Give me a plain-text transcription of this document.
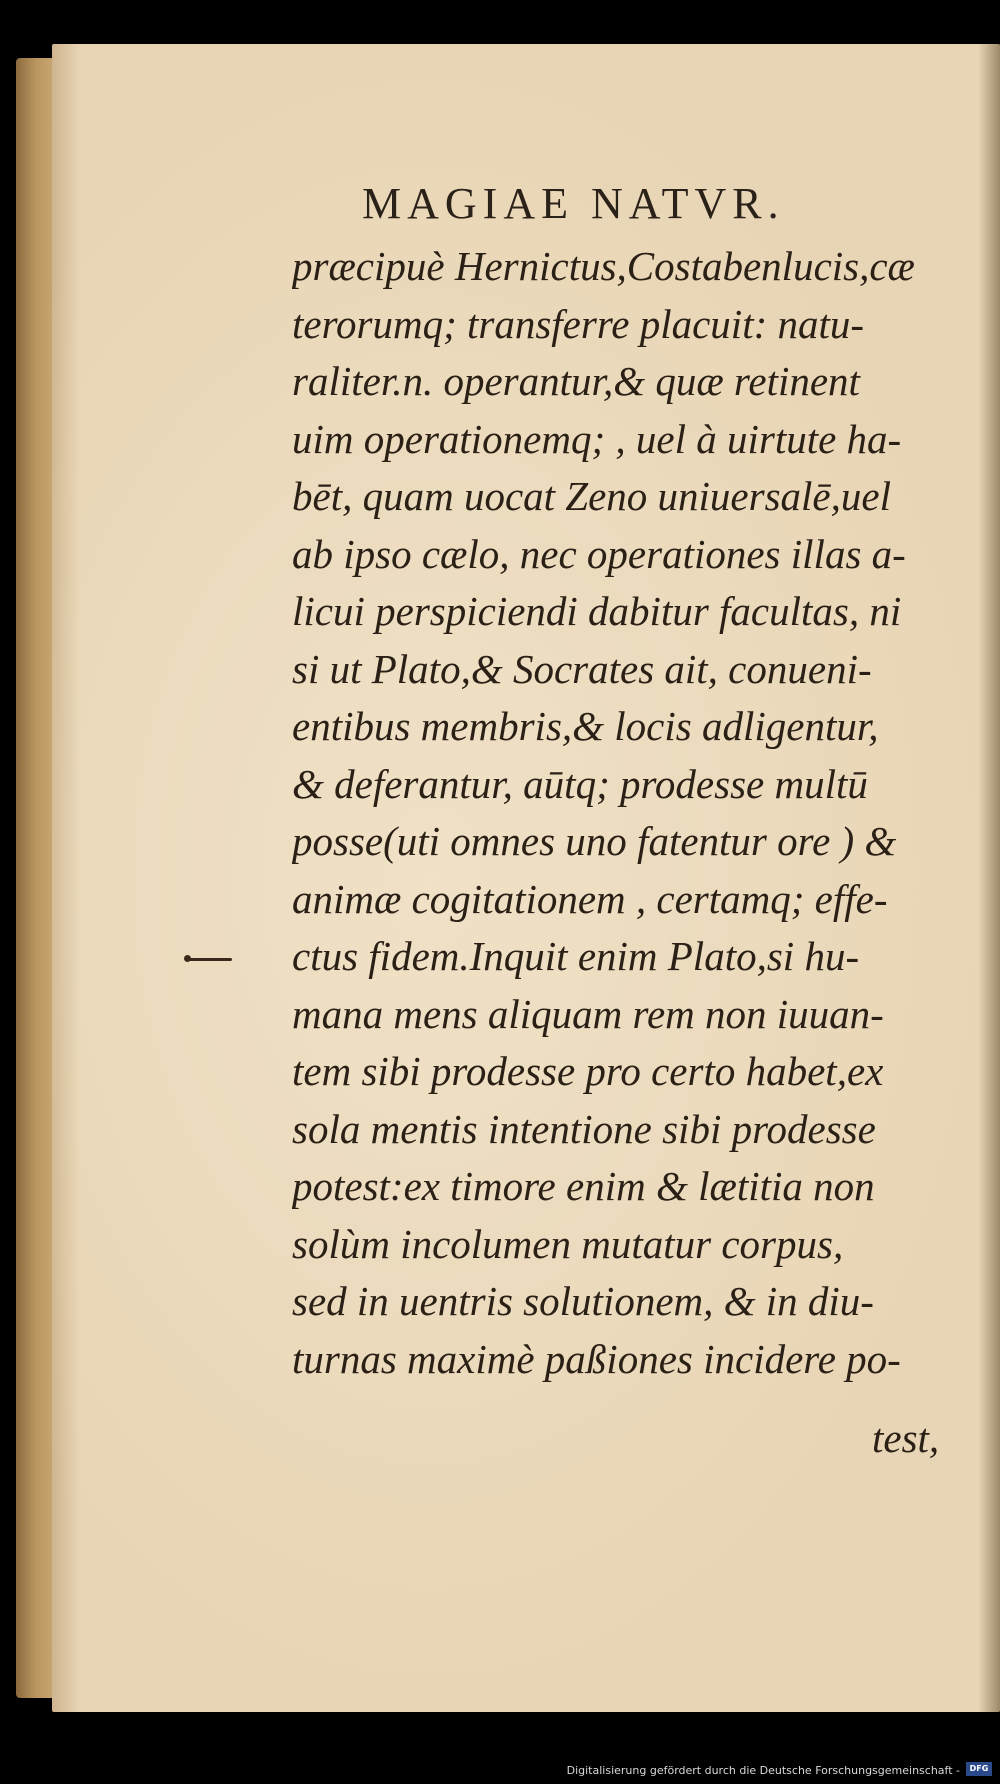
MAGIAE NATVR.
præcipuè Hernictus,Costabenlucis,cæ
terorumq; transferre placuit: natu-
raliter.n. operantur,& quæ retinent
uim operationemq; , uel à uirtute ha-
bēt, quam uocat Zeno uniuersalē,uel
ab ipso cælo, nec operationes illas a-
licui perspiciendi dabitur facultas, ni
si ut Plato,& Socrates ait, conueni-
entibus membris,& locis adligentur,
& deferantur, aūtq; prodesse multū
posse(uti omnes uno fatentur ore ) &
animæ cogitationem , certamq; effe-
ctus fidem.Inquit enim Plato,si hu-
mana mens aliquam rem non iuuan-
tem sibi prodesse pro certo habet,ex
sola mentis intentione sibi prodesse
potest:ex timore enim & lætitia non
solùm incolumen mutatur corpus,
sed in uentris solutionem, & in diu-
turnas maximè paßiones incidere po-
test,
Digitalisierung gefördert durch die Deutsche Forschungsgemeinschaft -	DFG
